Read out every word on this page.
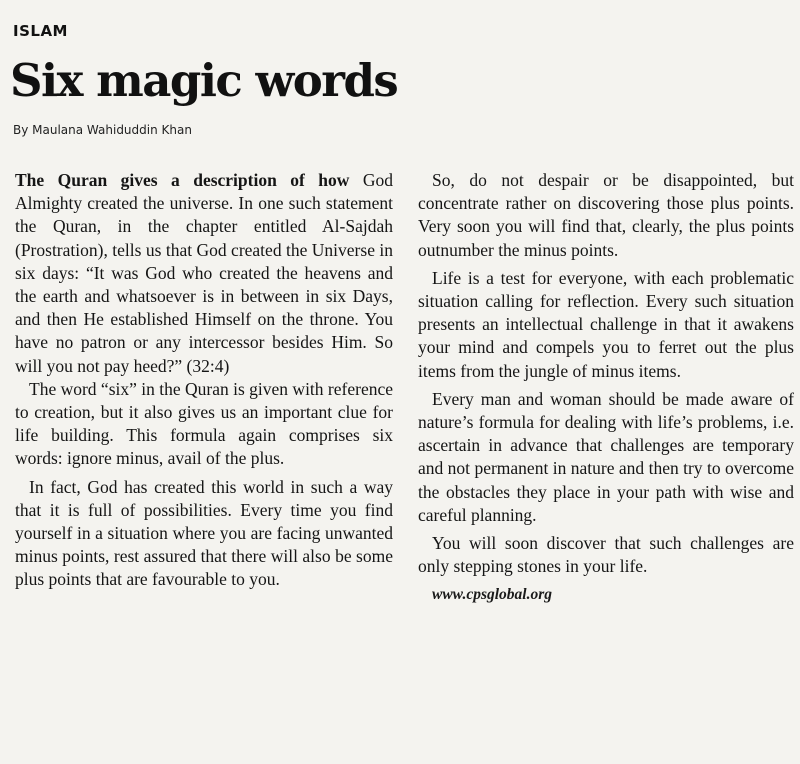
ISLAM
Six magic words
By Maulana Wahiduddin Khan

The Quran gives a description of how God Almighty created the universe. In one such statement the Quran, in the chapter entitled Al-Sajdah (Prostration), tells us that God created the Universe in six days: “It was God who created the heavens and the earth and whatsoever is in between in six Days, and then He established Himself on the throne. You have no patron or any intercessor besides Him. So will you not pay heed?” (32:4)

The word “six” in the Quran is given with reference to creation, but it also gives us an important clue for life building. This formula again comprises six words: ignore minus, avail of the plus.

In fact, God has created this world in such a way that it is full of possibilities. Every time you find yourself in a situation where you are facing unwanted minus points, rest assured that there will also be some plus points that are favourable to you.

So, do not despair or be disappointed, but concentrate rather on discovering those plus points. Very soon you will find that, clearly, the plus points outnumber the minus points.

Life is a test for everyone, with each problematic situation calling for reflection. Every such situation presents an intellectual challenge in that it awakens your mind and compels you to ferret out the plus items from the jungle of minus items.

Every man and woman should be made aware of nature’s formula for dealing with life’s problems, i.e. ascertain in advance that challenges are temporary and not permanent in nature and then try to overcome the obstacles they place in your path with wise and careful planning.

You will soon discover that such challenges are only stepping stones in your life.

www.cpsglobal.org
